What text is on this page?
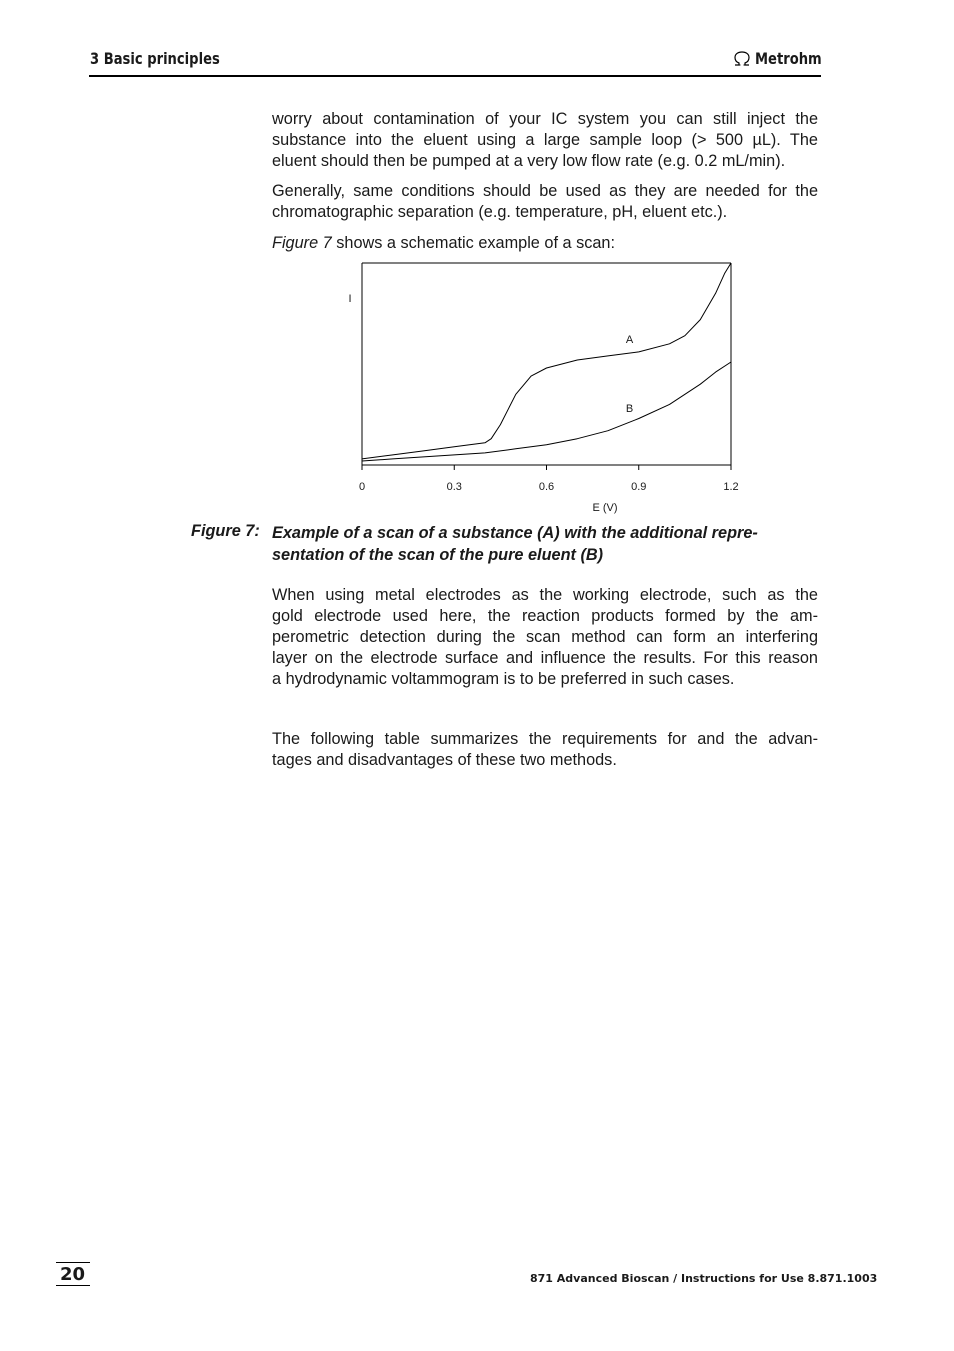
3 Basic principles	Metrohm
worry about contamination of your IC system you can still inject the
substance into the eluent using a large sample loop (> 500 µL). The
eluent should then be pumped at a very low flow rate (e.g. 0.2 mL/min).
Generally, same conditions should be used as they are needed for the
chromatographic separation (e.g. temperature, pH, eluent etc.).
Figure 7 shows a schematic example of a scan:
I
E (V)
0	0.3	0.6	0.9	1.2
A
B
Figure 7: Example of a scan of a substance (A) with the additional repre-
sentation of the scan of the pure eluent (B)
When using metal electrodes as the working electrode, such as the
gold electrode used here, the reaction products formed by the am-
perometric detection during the scan method can form an interfering
layer on the electrode surface and influence the results. For this reason
a hydrodynamic voltammogram is to be preferred in such cases.
The following table summarizes the requirements for and the advan-
tages and disadvantages of these two methods.
20	871 Advanced Bioscan / Instructions for Use 8.871.1003
